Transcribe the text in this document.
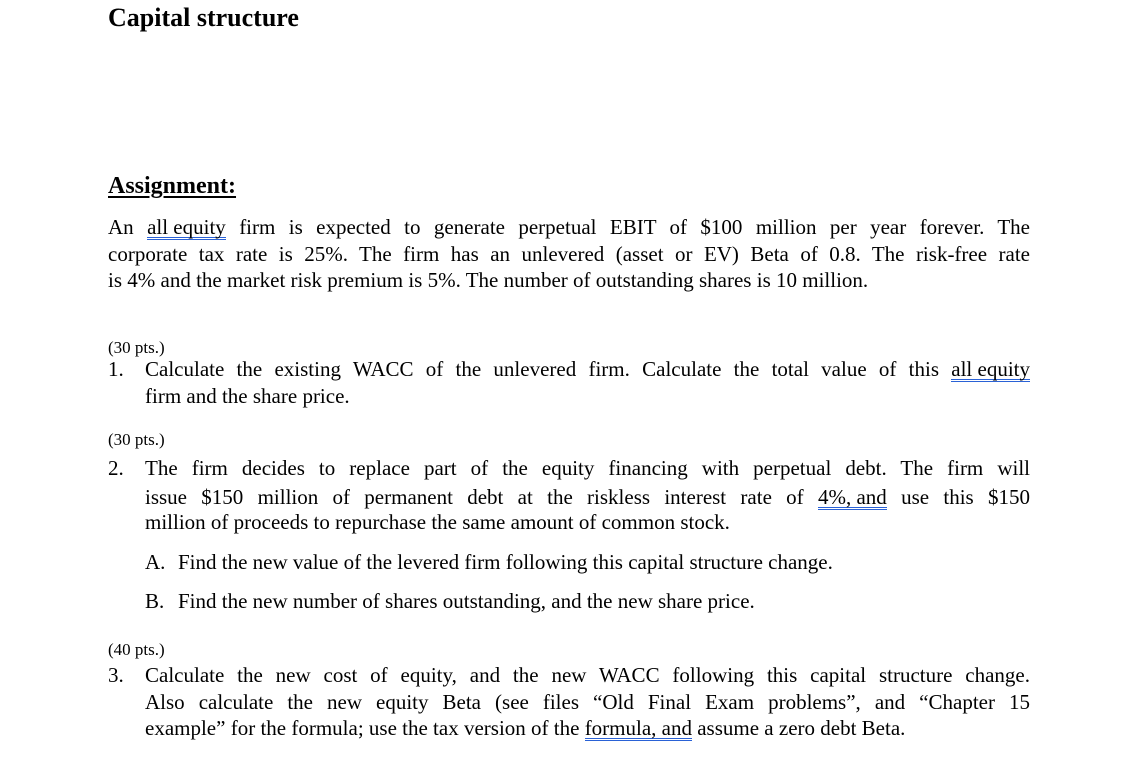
Capital structure
Assignment:
An all equity firm is expected to generate perpetual EBIT of $100 million per year forever. The
corporate tax rate is 25%. The firm has an unlevered (asset or EV) Beta of 0.8. The risk-free rate
is 4% and the market risk premium is 5%. The number of outstanding shares is 10 million.
(30 pts.)
1. Calculate the existing WACC of the unlevered firm. Calculate the total value of this all equity
firm and the share price.
(30 pts.)
2. The firm decides to replace part of the equity financing with perpetual debt. The firm will
issue $150 million of permanent debt at the riskless interest rate of 4%, and use this $150
million of proceeds to repurchase the same amount of common stock.
A. Find the new value of the levered firm following this capital structure change.
B. Find the new number of shares outstanding, and the new share price.
(40 pts.)
3. Calculate the new cost of equity, and the new WACC following this capital structure change.
Also calculate the new equity Beta (see files “Old Final Exam problems”, and “Chapter 15
example” for the formula; use the tax version of the formula, and assume a zero debt Beta.
